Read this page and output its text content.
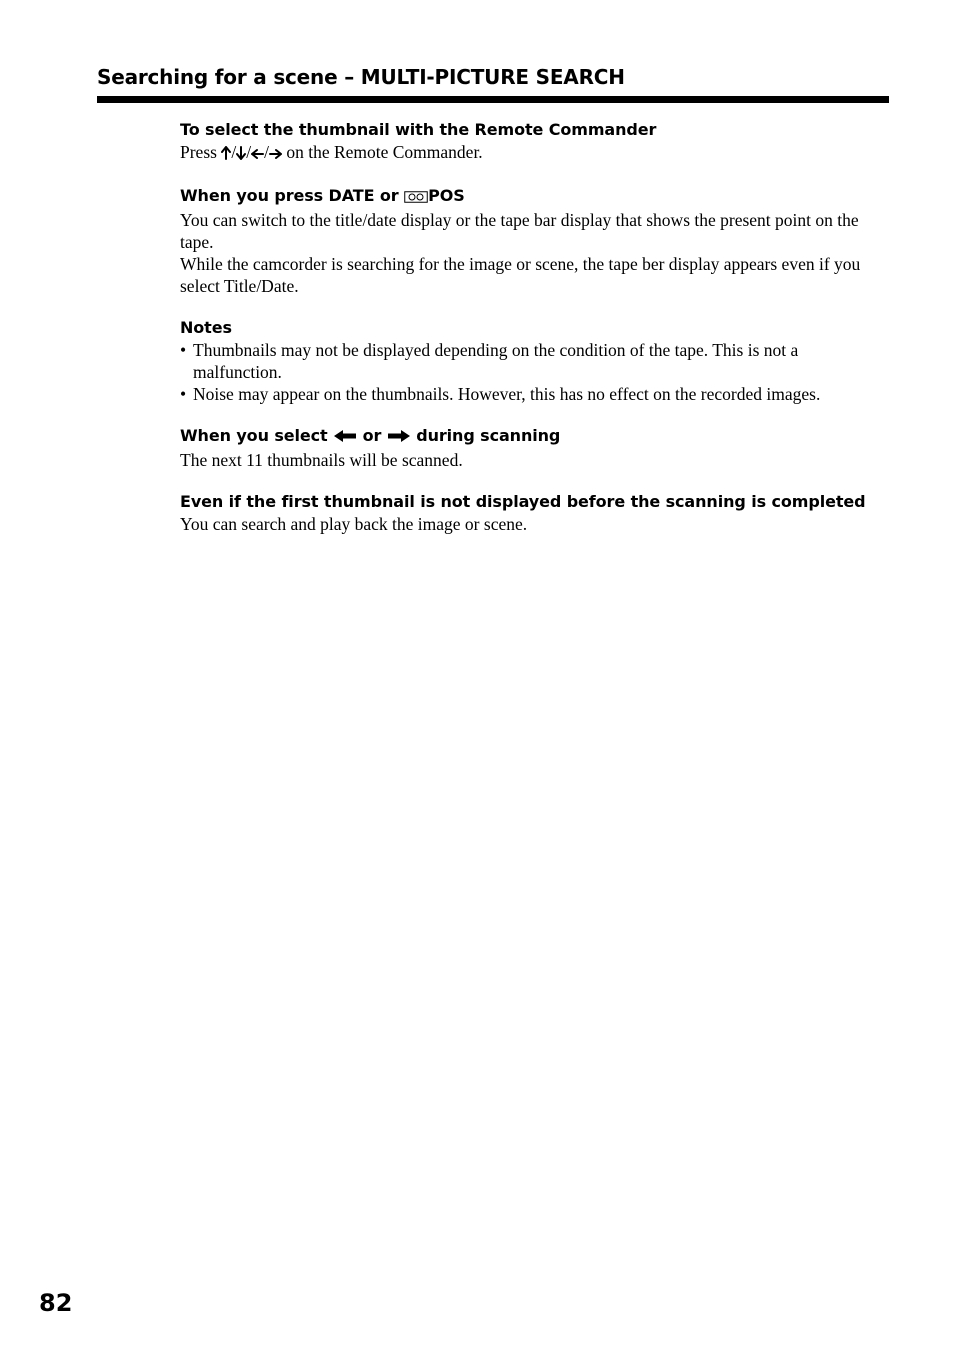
Searching for a scene – MULTI-PICTURE SEARCH

To select the thumbnail with the Remote Commander

Press / / / on the Remote Commander.

When you press DATE or POS

You can switch to the title/date display or the tape bar display that shows the present point on the tape.

While the camcorder is searching for the image or scene, the tape ber display appears even if you select Title/Date.

Notes

• Thumbnails may not be displayed depending on the condition of the tape. This is not a malfunction.
• Noise may appear on the thumbnails. However, this has no effect on the recorded images.

When you select or during scanning

The next 11 thumbnails will be scanned.

Even if the first thumbnail is not displayed before the scanning is completed

You can search and play back the image or scene.

82
